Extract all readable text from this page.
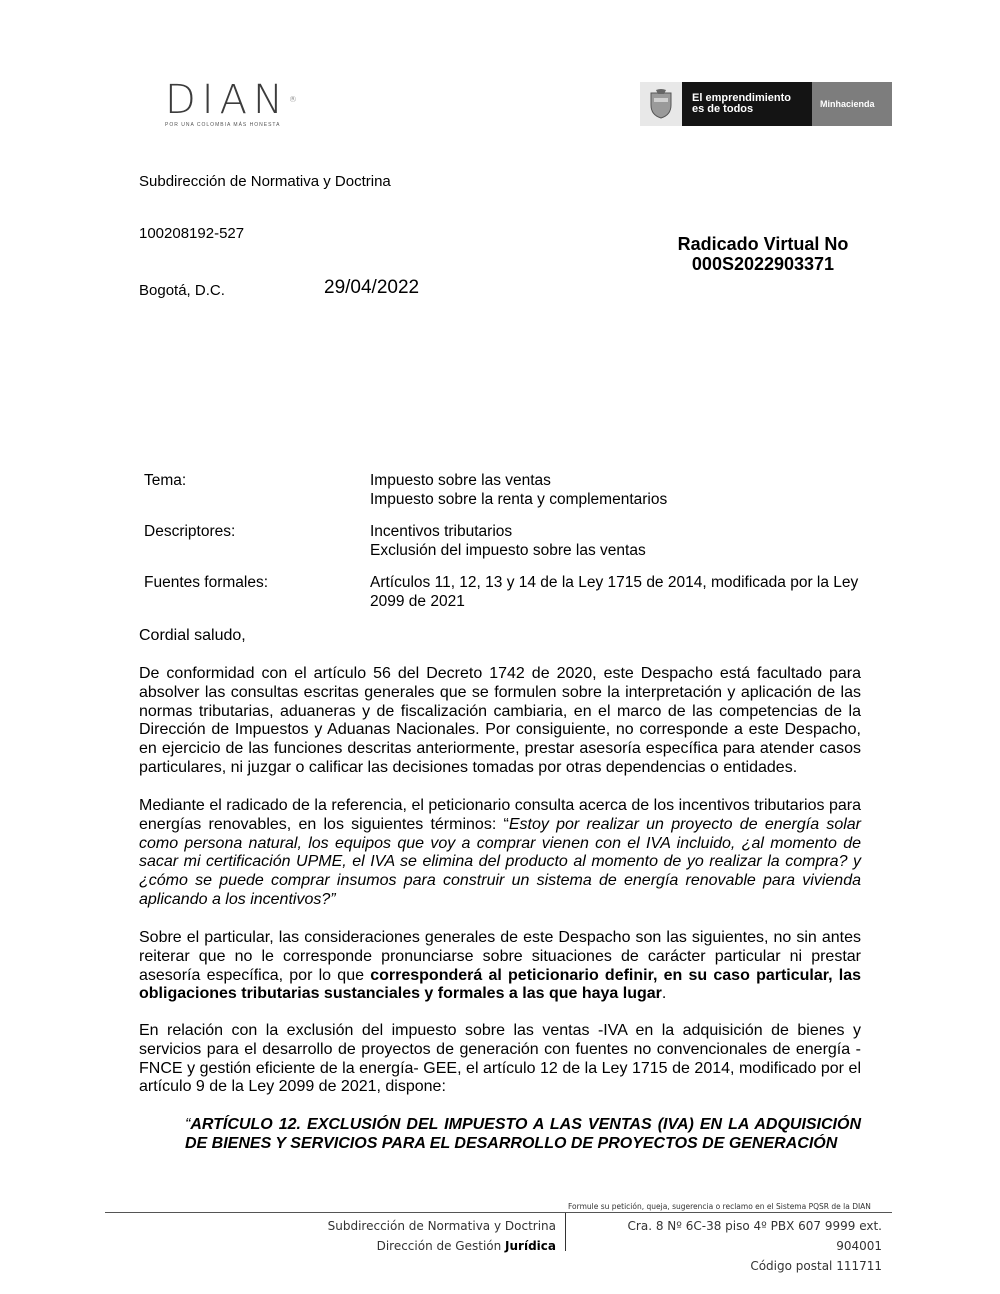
DIAN®
POR UNA COLOMBIA MÁS HONESTA
El emprendimiento
es de todos	Minhacienda
Subdirección de Normativa y Doctrina
100208192-527
Radicado Virtual No
000S2022903371
Bogotá, D.C.	29/04/2022
Tema:	Impuesto sobre las ventas
Impuesto sobre la renta y complementarios

Descriptores:	Incentivos tributarios
Exclusión del impuesto sobre las ventas

Fuentes formales:	Artículos 11, 12, 13 y 14 de la Ley 1715 de 2014, modificada por la Ley 2099 de 2021
Cordial saludo,

De conformidad con el artículo 56 del Decreto 1742 de 2020, este Despacho está facultado para absolver las consultas escritas generales que se formulen sobre la interpretación y aplicación de las normas tributarias, aduaneras y de fiscalización cambiaria, en el marco de las competencias de la Dirección de Impuestos y Aduanas Nacionales. Por consiguiente, no corresponde a este Despacho, en ejercicio de las funciones descritas anteriormente, prestar asesoría específica para atender casos particulares, ni juzgar o calificar las decisiones tomadas por otras dependencias o entidades.

Mediante el radicado de la referencia, el peticionario consulta acerca de los incentivos tributarios para energías renovables, en los siguientes términos: “Estoy por realizar un proyecto de energía solar como persona natural, los equipos que voy a comprar vienen con el IVA incluido, ¿al momento de sacar mi certificación UPME, el IVA se elimina del producto al momento de yo realizar la compra? y ¿cómo se puede comprar insumos para construir un sistema de energía renovable para vivienda aplicando a los incentivos?”

Sobre el particular, las consideraciones generales de este Despacho son las siguientes, no sin antes reiterar que no le corresponde pronunciarse sobre situaciones de carácter particular ni prestar asesoría específica, por lo que corresponderá al peticionario definir, en su caso particular, las obligaciones tributarias sustanciales y formales a las que haya lugar.

En relación con la exclusión del impuesto sobre las ventas -IVA en la adquisición de bienes y servicios para el desarrollo de proyectos de generación con fuentes no convencionales de energía -FNCE y gestión eficiente de la energía- GEE, el artículo 12 de la Ley 1715 de 2014, modificado por el artículo 9 de la Ley 2099 de 2021, dispone:

“ARTÍCULO 12. EXCLUSIÓN DEL IMPUESTO A LAS VENTAS (IVA) EN LA ADQUISICIÓN DE BIENES Y SERVICIOS PARA EL DESARROLLO DE PROYECTOS DE GENERACIÓN

Formule su petición, queja, sugerencia o reclamo en el Sistema PQSR de la DIAN
Subdirección de Normativa y Doctrina
Dirección de Gestión Jurídica
Cra. 8 Nº 6C-38 piso 4º PBX 607 9999 ext. 904001
Código postal 111711
